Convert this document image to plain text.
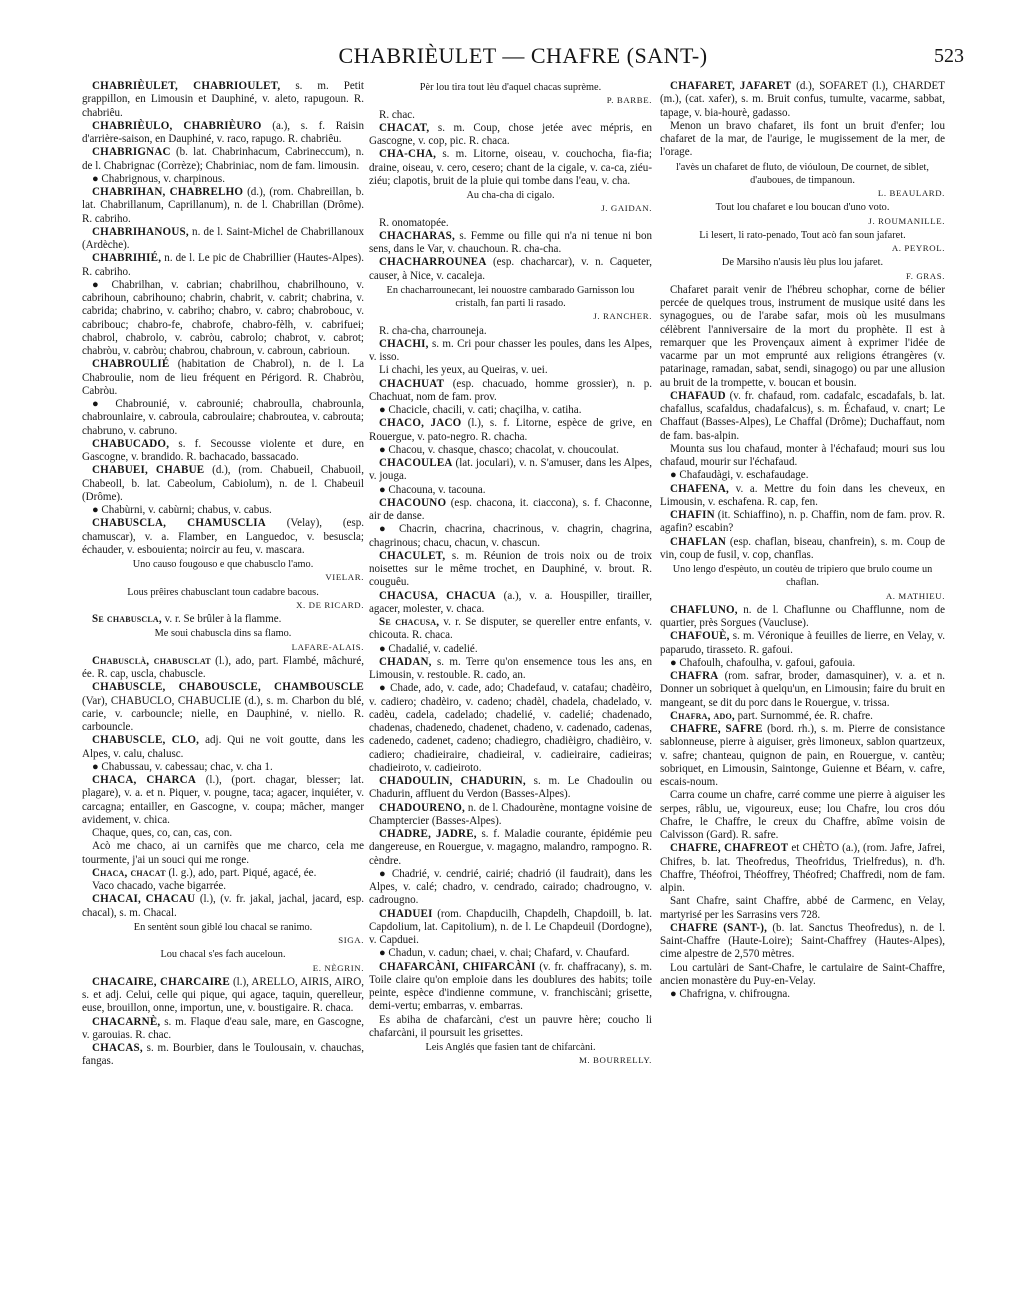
CHABRIÈULET — CHAFRE (SANT-)	523

CHABRIÈULET, CHABRIOULET, s. m. Petit grappillon, en Limousin et Dauphiné, v. aleto, rapugoun. R. chabriêu.

CHABRIÈULO, CHABRIÈURO (a.), s. f. Raisin d'arrière-saison, en Dauphiné, v. raco, rapugo. R. chabriêu.

CHABRIGNAC (b. lat. Chabrinhacum, Cabrineccum), n. de l. Chabrignac (Corrèze); Chabriniac, nom de fam. limousin.

● Chabrignous, v. charpinous.

CHABRIHAN, CHABRELHO (d.), (rom. Chabreillan, b. lat. Chabrillanum, Caprillanum), n. de l. Chabrillan (Drôme). R. cabriho.

CHABRIHANOUS, n. de l. Saint-Michel de Chabrillanoux (Ardèche).

CHABRIHIÉ, n. de l. Le pic de Chabrillier (Hautes-Alpes). R. cabriho.

● Chabrilhan, v. cabrian; chabrilhou, chabrilhouno, v. cabrihoun, cabrihouno; chabrin, chabrit, v. cabrit; chabrina, v. cabrida; chabrino, v. cabriho; chabro, v. cabro; chabrobouc, v. cabribouc; chabro-fe, chabrofe, chabro-fèlh, v. cabrifuei; chabrol, chabrolo, v. cabròu, cabrolo; chabrot, v. cabrot; chabròu, v. cabròu; chabrou, chabroun, v. cabroun, cabrioun.

CHABROULIÉ (habitation de Chabrol), n. de l. La Chabroulie, nom de lieu fréquent en Périgord. R. Chabròu, Cabròu.

● Chabrounié, v. cabrounié; chabroulla, chabrounla, chabrounlaire, v. cabroula, cabroulaire; chabroutea, v. cabrouta; chabruno, v. cabruno.

CHABUCADO, s. f. Secousse violente et dure, en Gascogne, v. brandido. R. bachacado, bassacado.

CHABUEI, CHABUE (d.), (rom. Chabueil, Chabuoil, Chabeoll, b. lat. Cabeolum, Cabiolum), n. de l. Chabeuil (Drôme).

● Chabùrni, v. cabùrni; chabus, v. cabus.

CHABUSCLA, CHAMUSCLIA (Velay), (esp. chamuscar), v. a. Flamber, en Languedoc, v. besuscla; échauder, v. esbouienta; noircir au feu, v. mascara.

Uno causo fougouso e que chabusclo l'amo.

VIELAR.

Lous prêires chabusclant toun cadabre bacous.

X. DE RICARD.

Se chabuscla, v. r. Se brûler à la flamme.

Me soui chabuscla dins sa flamo.

LAFARE-ALAIS.

Chabusclà, chabusclat (l.), ado, part. Flambé, mâchuré, ée. R. cap, uscla, chabuscle.

CHABUSCLE, CHABOUSCLE, CHAMBOUSCLE (Var), CHABUCLO, CHABUCLIE (d.), s. m. Charbon du blé, carie, v. carbouncle; nielle, en Dauphiné, v. niello. R. carbouncle.

CHABUSCLE, CLO, adj. Qui ne voit goutte, dans les Alpes, v. calu, chalusc.

● Chabussau, v. cabessau; chac, v. cha 1.

CHACA, CHARCA (l.), (port. chagar, blesser; lat. plagare), v. a. et n. Piquer, v. pougne, taca; agacer, inquiéter, v. carcagna; entailler, en Gascogne, v. coupa; mâcher, manger avidement, v. chica.

Chaque, ques, co, can, cas, con.

Acò me chaco, ai un carnifès que me charco, cela me tourmente, j'ai un souci qui me ronge.

Chaca, chacat (l. g.), ado, part. Piqué, agacé, ée.

Vaco chacado, vache bigarrée.

CHACAI, CHACAU (l.), (v. fr. jakal, jachal, jacard, esp. chacal), s. m. Chacal.

En sentènt soun giblé lou chacal se ranimo.

SIGA.

Lou chacal s'es fach auceloun.

E. NÈGRIN.

CHACAIRE, CHARCAIRE (l.), ARELLO, AIRIS, AIRO, s. et adj. Celui, celle qui pique, qui agace, taquin, querelleur, euse, brouillon, onne, importun, une, v. boustigaire. R. chaca.

CHACARNÈ, s. m. Flaque d'eau sale, mare, en Gascogne, v. garouias. R. chac.

CHACAS, s. m. Bourbier, dans le Toulousain, v. chauchas, fangas.

Pèr lou tira tout lèu d'aquel chacas suprème.

P. BARBE.

R. chac.

CHACAT, s. m. Coup, chose jetée avec mépris, en Gascogne, v. cop, pic. R. chaca.

CHA-CHA, s. m. Litorne, oiseau, v. couchocha, fia-fia; draine, oiseau, v. cero, cesero; chant de la cigale, v. ca-ca, ziéu-ziéu; clapotis, bruit de la pluie qui tombe dans l'eau, v. cha.

Au cha-cha di cigalo.

J. GAIDAN.

R. onomatopée.

CHACHARAS, s. Femme ou fille qui n'a ni tenue ni bon sens, dans le Var, v. chauchoun. R. cha-cha.

CHACHARROUNEA (esp. chacharcar), v. n. Caqueter, causer, à Nice, v. cacaleja.

En chacharrounecant, lei nouostre cambarado Garnisson lou cristalh, fan parti li rasado.

J. RANCHER.

R. cha-cha, charrouneja.

CHACHI, s. m. Cri pour chasser les poules, dans les Alpes, v. isso.

Li chachi, les yeux, au Queiras, v. uei.

CHACHUAT (esp. chacuado, homme grossier), n. p. Chachuat, nom de fam. prov.

● Chacicle, chacili, v. cati; chaçilha, v. catiha.

CHACO, JACO (l.), s. f. Litorne, espèce de grive, en Rouergue, v. pato-negro. R. chacha.

● Chacou, v. chasque, chasco; chacolat, v. choucoulat.

CHACOULEA (lat. joculari), v. n. S'amuser, dans les Alpes, v. jouga.

● Chacouna, v. tacouna.

CHACOUNO (esp. chacona, it. ciaccona), s. f. Chaconne, air de danse.

● Chacrin, chacrina, chacrinous, v. chagrin, chagrina, chagrinous; chacu, chacun, v. chascun.

CHACULET, s. m. Réunion de trois noix ou de troix noisettes sur le même trochet, en Dauphiné, v. brout. R. couguêu.

CHACUSA, CHACUA (a.), v. a. Houspiller, tirailler, agacer, molester, v. chaca.

Se chacusa, v. r. Se disputer, se quereller entre enfants, v. chicouta. R. chaca.

● Chadalié, v. cadelié.

CHADAN, s. m. Terre qu'on ensemence tous les ans, en Limousin, v. restouble. R. cado, an.

● Chade, ado, v. cade, ado; Chadefaud, v. catafau; chadèiro, v. cadiero; chadèiro, v. cadeno; chadèl, chadela, chadelado, v. cadèu, cadela, cadelado; chadelié, v. cadelié; chadenado, chadenas, chadenedo, chadenet, chadeno, v. cadenado, cadenas, cadenedo, cadenet, cadeno; chadiegro, chadièigro, chadièiro, v. cadiero; chadieiraire, chadieiral, v. cadieiraire, cadieiras; chadieiroto, v. cadieiroto.

CHADOULIN, CHADURIN, s. m. Le Chadoulin ou Chadurin, affluent du Verdon (Basses-Alpes).

CHADOURENO, n. de l. Chadourène, montagne voisine de Champtercier (Basses-Alpes).

CHADRE, JADRE, s. f. Maladie courante, épidémie peu dangereuse, en Rouergue, v. magagno, malandro, rampogno. R. cèndre.

● Chadrié, v. cendrié, cairié; chadrió (il faudrait), dans les Alpes, v. calé; chadro, v. cendrado, cairado; chadrougno, v. cadrougno.

CHADUEI (rom. Chapducilh, Chapdelh, Chapdoill, b. lat. Capdolium, lat. Capitolium), n. de l. Le Chapdeuil (Dordogne), v. Capduei.

● Chadun, v. cadun; chaei, v. chai; Chafard, v. Chaufard.

CHAFARCÀNI, CHIFARCÀNI (v. fr. chaffracany), s. m. Toile claire qu'on emploie dans les doublures des habits; toile peinte, espèce d'indienne commune, v. franchiscàni; grisette, demi-vertu; embarras, v. embarras.

Es abiha de chafarcàni, c'est un pauvre hère; coucho li chafarcàni, il poursuit les grisettes.

Leis Anglés que fasien tant de chifarcàni.

M. BOURRELLY.

CHAFARET, JAFARET (d.), SOFARET (l.), CHARDET (m.), (cat. xafer), s. m. Bruit confus, tumulte, vacarme, sabbat, tapage, v. bia-hourè, gadasso.

Menon un bravo chafaret, ils font un bruit d'enfer; lou chafaret de la mar, de l'aurige, le mugissement de la mer, de l'orage.

l'avès un chafaret de fluto, de vióuloun, De cournet, de siblet, d'auboues, de timpanoun.

L. BEAULARD.

Tout lou chafaret e lou boucan d'uno voto.

J. ROUMANILLE.

Li lesert, li rato-penado, Tout acò fan soun jafaret.

A. PEYROL.

De Marsiho n'ausis lèu plus lou jafaret.

F. GRAS.

Chafaret parait venir de l'hébreu schophar, corne de bélier percée de quelques trous, instrument de musique usité dans les synagogues, ou de l'arabe safar, mois où les musulmans célèbrent l'anniversaire de la mort du prophète. Il est à remarquer que les Provençaux aiment à exprimer l'idée de vacarme par un mot emprunté aux religions étrangères (v. patarinage, ramadan, sabat, sendi, sinagogo) ou par une allusion au bruit de la trompette, v. boucan et bousin.

CHAFAUD (v. fr. chafaud, rom. cadafalc, escadafals, b. lat. chafallus, scafaldus, chadafalcus), s. m. Échafaud, v. cnart; Le Chaffaut (Basses-Alpes), Le Chaffal (Drôme); Duchaffaut, nom de fam. bas-alpin.

Mounta sus lou chafaud, monter à l'échafaud; mouri sus lou chafaud, mourir sur l'échafaud.

● Chafaudàgi, v. eschafaudage.

CHAFENA, v. a. Mettre du foin dans les cheveux, en Limousin, v. eschafena. R. cap, fen.

CHAFIN (it. Schiaffino), n. p. Chaffin, nom de fam. prov. R. agafin? escabin?

CHAFLAN (esp. chaflan, biseau, chanfrein), s. m. Coup de vin, coup de fusil, v. cop, chanflas.

Uno lengo d'espèuto, un coutèu de tripiero que brulo coume un chaflan.

A. MATHIEU.

CHAFLUNO, n. de l. Chaflunne ou Chafflunne, nom de quartier, près Sorgues (Vaucluse).

CHAFOUÈ, s. m. Véronique à feuilles de lierre, en Velay, v. paparudo, tirasseto. R. gafoui.

● Chafoulh, chafoulha, v. gafoui, gafouia.

CHAFRA (rom. safrar, broder, damasquiner), v. a. et n. Donner un sobriquet à quelqu'un, en Limousin; faire du bruit en mangeant, se dit du porc dans le Rouergue, v. trissa.

Chafra, ado, part. Surnommé, ée. R. chafre.

CHAFRE, SAFRE (bord. rh.), s. m. Pierre de consistance sablonneuse, pierre à aiguiser, grès limoneux, sablon quartzeux, v. safre; chanteau, quignon de pain, en Rouergue, v. cantèu; sobriquet, en Limousin, Saintonge, Guienne et Béarn, v. cafre, escais-noum.

Carra coume un chafre, carré comme une pierre à aiguiser les serpes, râblu, ue, vigoureux, euse; lou Chafre, lou cros dóu Chafre, le Chaffre, le creux du Chaffre, abîme voisin de Calvisson (Gard). R. safre.

CHAFRE, CHAFREOT et CHÈTO (a.), (rom. Jafre, Jafrei, Chifres, b. lat. Theofredus, Theofridus, Trielfredus), n. d'h. Chaffre, Théofroi, Théoffrey, Théofred; Chaffredi, nom de fam. alpin.

Sant Chafre, saint Chaffre, abbé de Carmenc, en Velay, martyrisé per les Sarrasins vers 728.

CHAFRE (SANT-), (b. lat. Sanctus Theofredus), n. de l. Saint-Chaffre (Haute-Loire); Saint-Chaffrey (Hautes-Alpes), cime alpestre de 2,570 mètres.

Lou cartulàri de Sant-Chafre, le cartulaire de Saint-Chaffre, ancien monastère du Puy-en-Velay.

● Chafrigna, v. chifrougna.
